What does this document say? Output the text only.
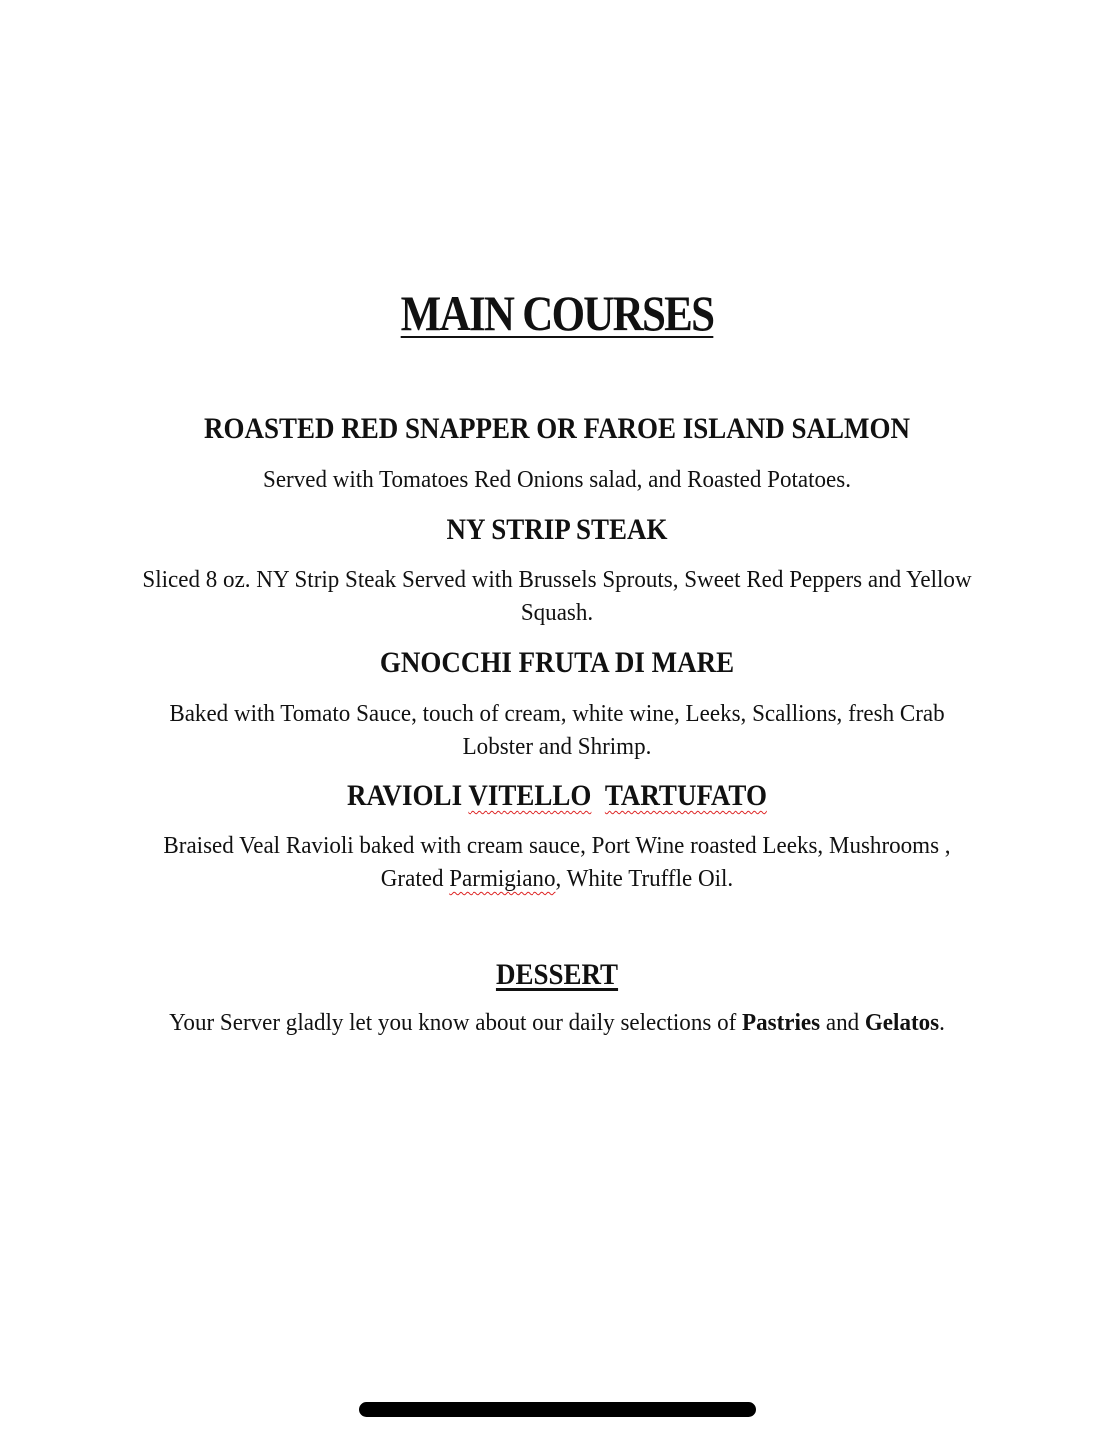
MAIN COURSES
ROASTED RED SNAPPER OR FAROE ISLAND SALMON

Served with Tomatoes Red Onions salad, and Roasted Potatoes.

NY STRIP STEAK

Sliced 8 oz. NY Strip Steak Served with Brussels Sprouts, Sweet Red Peppers and Yellow Squash.

GNOCCHI FRUTA DI MARE

Baked with Tomato Sauce, touch of cream, white wine, Leeks, Scallions, fresh Crab Lobster and Shrimp.

RAVIOLI VITELLO TARTUFATO

Braised Veal Ravioli baked with cream sauce, Port Wine roasted Leeks, Mushrooms , Grated Parmigiano, White Truffle Oil.

DESSERT

Your Server gladly let you know about our daily selections of Pastries and Gelatos.
